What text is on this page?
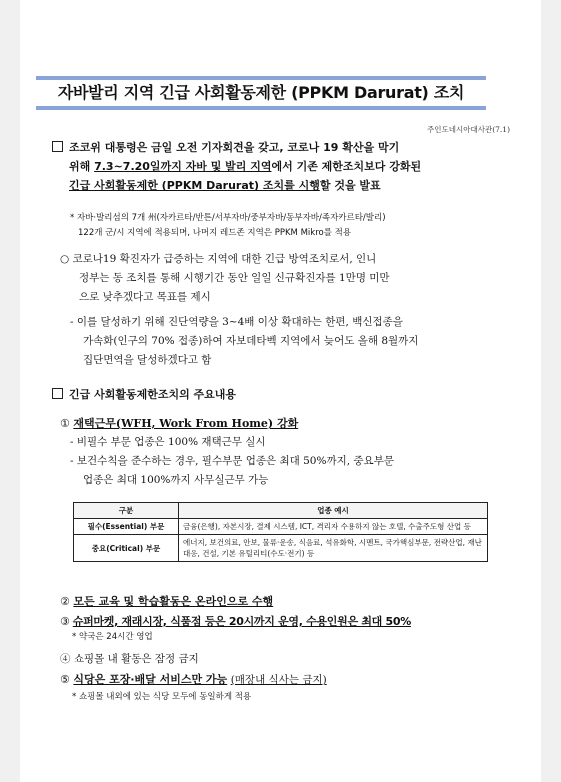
자바발리 지역 긴급 사회활동제한 (PPKM Darurat) 조치
주인도네시아대사관(7.1)
조코위 대통령은 금일 오전 기자회견을 갖고, 코로나 19 확산을 막기
위해 7.3~7.20일까지 자바 및 발리 지역에서 기존 제한조치보다 강화된
긴급 사회활동제한 (PPKM Darurat) 조치를 시행할 것을 발표
* 자바·발리섬의 7개 州(자카르타/반튼/서부자바/중부자바/동부자바/족자카르타/발리)
122개 군/시 지역에 적용되며, 나머지 레드존 지역은 PPKM Mikro를 적용
○ 코로나19 확진자가 급증하는 지역에 대한 긴급 방역조치로서, 인니
정부는 동 조치를 통해 시행기간 동안 일일 신규확진자를 1만명 미만
으로 낮추겠다고 목표를 제시
- 이를 달성하기 위해 진단역량을 3~4배 이상 확대하는 한편, 백신접종을
가속화(인구의 70% 접종)하여 자보데타벡 지역에서 늦어도 올해 8월까지
집단면역을 달성하겠다고 함
긴급 사회활동제한조치의 주요내용
① 재택근무(WFH, Work From Home) 강화
- 비필수 부문 업종은 100% 재택근무 실시
- 보건수칙을 준수하는 경우, 필수부문 업종은 최대 50%까지, 중요부문
업종은 최대 100%까지 사무실근무 가능
구분	업종 예시
필수(Essential) 부문	금융(은행), 자본시장, 결제 시스템, ICT, 격리자 수용하지 않는 호텔, 수출주도형 산업 등
중요(Critical) 부문	에너지, 보건의료, 안보, 물류·운송, 식음료, 석유화학, 시멘트, 국가핵심부문, 전략산업, 재난대응, 건설, 기본 유틸리티(수도·전기) 등
② 모든 교육 및 학습활동은 온라인으로 수행
③ 슈퍼마켓, 재래시장, 식품점 등은 20시까지 운영, 수용인원은 최대 50%
* 약국은 24시간 영업
④ 쇼핑몰 내 활동은 잠정 금지
⑤ 식당은 포장·배달 서비스만 가능 (매장내 식사는 금지)
* 쇼핑몰 내외에 있는 식당 모두에 동일하게 적용
